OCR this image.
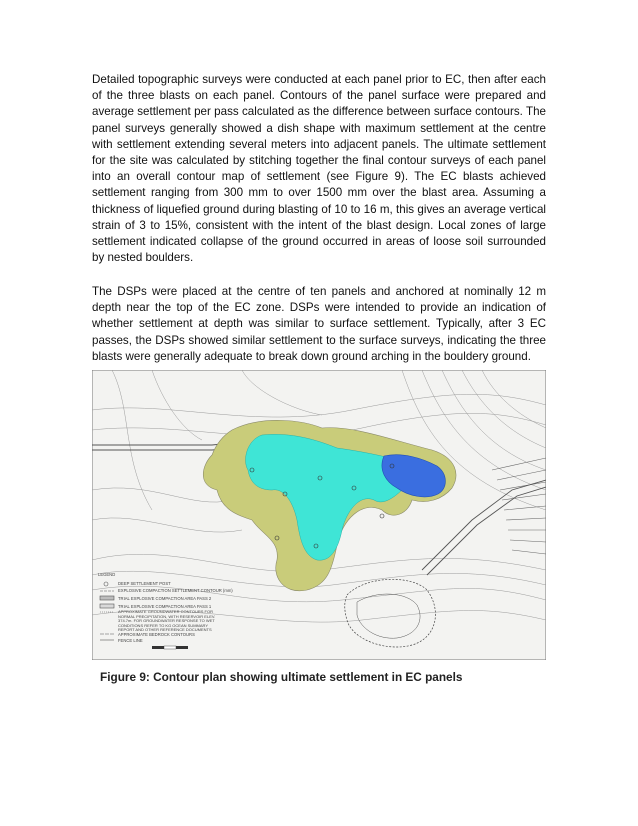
Detailed topographic surveys were conducted at each panel prior to EC, then after each of the three blasts on each panel. Contours of the panel surface were prepared and average settlement per pass calculated as the difference between surface contours. The panel surveys generally showed a dish shape with maximum settlement at the centre with settlement extending several meters into adjacent panels. The ultimate settlement for the site was calculated by stitching together the final contour surveys of each panel into an overall contour map of settlement (see Figure 9). The EC blasts achieved settlement ranging from 300 mm to over 1500 mm over the blast area. Assuming a thickness of liquefied ground during blasting of 10 to 16 m, this gives an average vertical strain of 3 to 15%, consistent with the intent of the blast design. Local zones of large settlement indicated collapse of the ground occurred in areas of loose soil surrounded by nested boulders.

The DSPs were placed at the centre of ten panels and anchored at nominally 12 m depth near the top of the EC zone. DSPs were intended to provide an indication of whether settlement at depth was similar to surface settlement. Typically, after 3 EC passes, the DSPs showed similar settlement to the surface surveys, indicating the three blasts were generally adequate to break down ground arching in the bouldery ground.

LEGEND
DEEP SETTLEMENT POST
EXPLOSIVE COMPACTION SETTLEMENT CONTOUR (mm)
TRIAL EXPLOSIVE COMPACTION AREA PASS 2
TRIAL EXPLOSIVE COMPACTION AREA PASS 1
APPROXIMATE GROUNDWATER CONTOURS FOR NORMAL PRECIPITATION, WITH RESERVOIR ELEV. 374.7m. FOR GROUNDWATER RESPONSE TO WET CONDITIONS REFER TO KG OCEAN SUMMARY REPORT AND OTHER REFERENCE DOCUMENTS
APPROXIMATE BEDROCK CONTOURS
FENCE LINE
Figure 9: Contour plan showing ultimate settlement in EC panels
